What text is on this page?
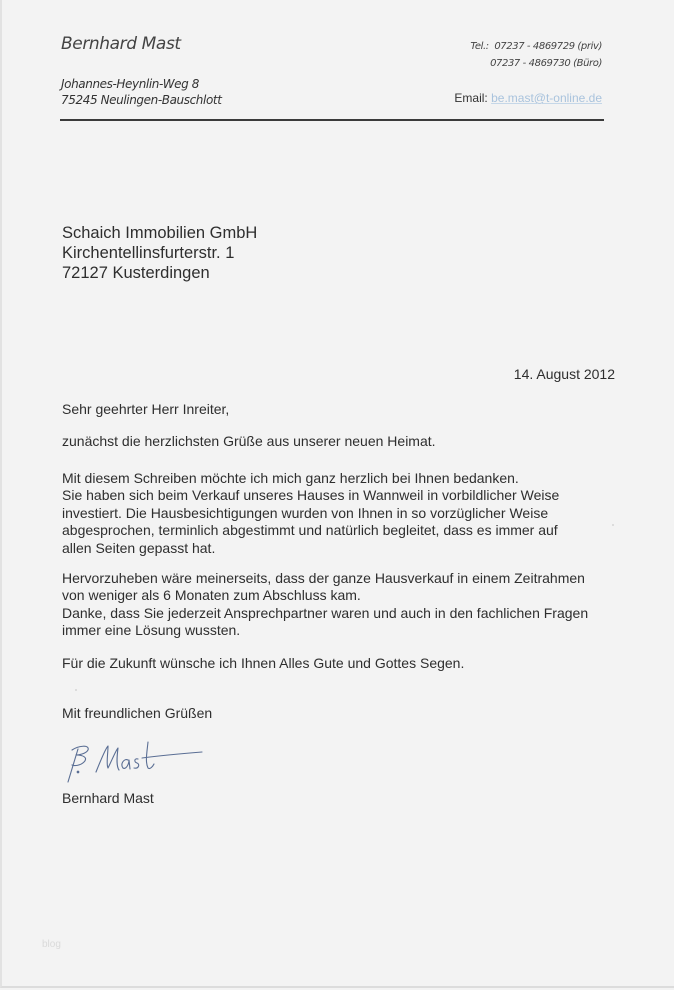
Bernhard Mast
Johannes-Heynlin-Weg 8
75245 Neulingen-Bauschlott
Tel.: 07237 - 4869729 (priv)
07237 - 4869730 (Büro)
Email: be.mast@t-online.de
Schaich Immobilien GmbH
Kirchentellinsfurterstr. 1
72127 Kusterdingen
14. August 2012
Sehr geehrter Herr Inreiter,
zunächst die herzlichsten Grüße aus unserer neuen Heimat.
Mit diesem Schreiben möchte ich mich ganz herzlich bei Ihnen bedanken.
Sie haben sich beim Verkauf unseres Hauses in Wannweil in vorbildlicher Weise
investiert. Die Hausbesichtigungen wurden von Ihnen in so vorzüglicher Weise
abgesprochen, terminlich abgestimmt und natürlich begleitet, dass es immer auf
allen Seiten gepasst hat.
Hervorzuheben wäre meinerseits, dass der ganze Hausverkauf in einem Zeitrahmen
von weniger als 6 Monaten zum Abschluss kam.
Danke, dass Sie jederzeit Ansprechpartner waren und auch in den fachlichen Fragen
immer eine Lösung wussten.
Für die Zukunft wünsche ich Ihnen Alles Gute und Gottes Segen.
Mit freundlichen Grüßen
Bernhard Mast
blog
